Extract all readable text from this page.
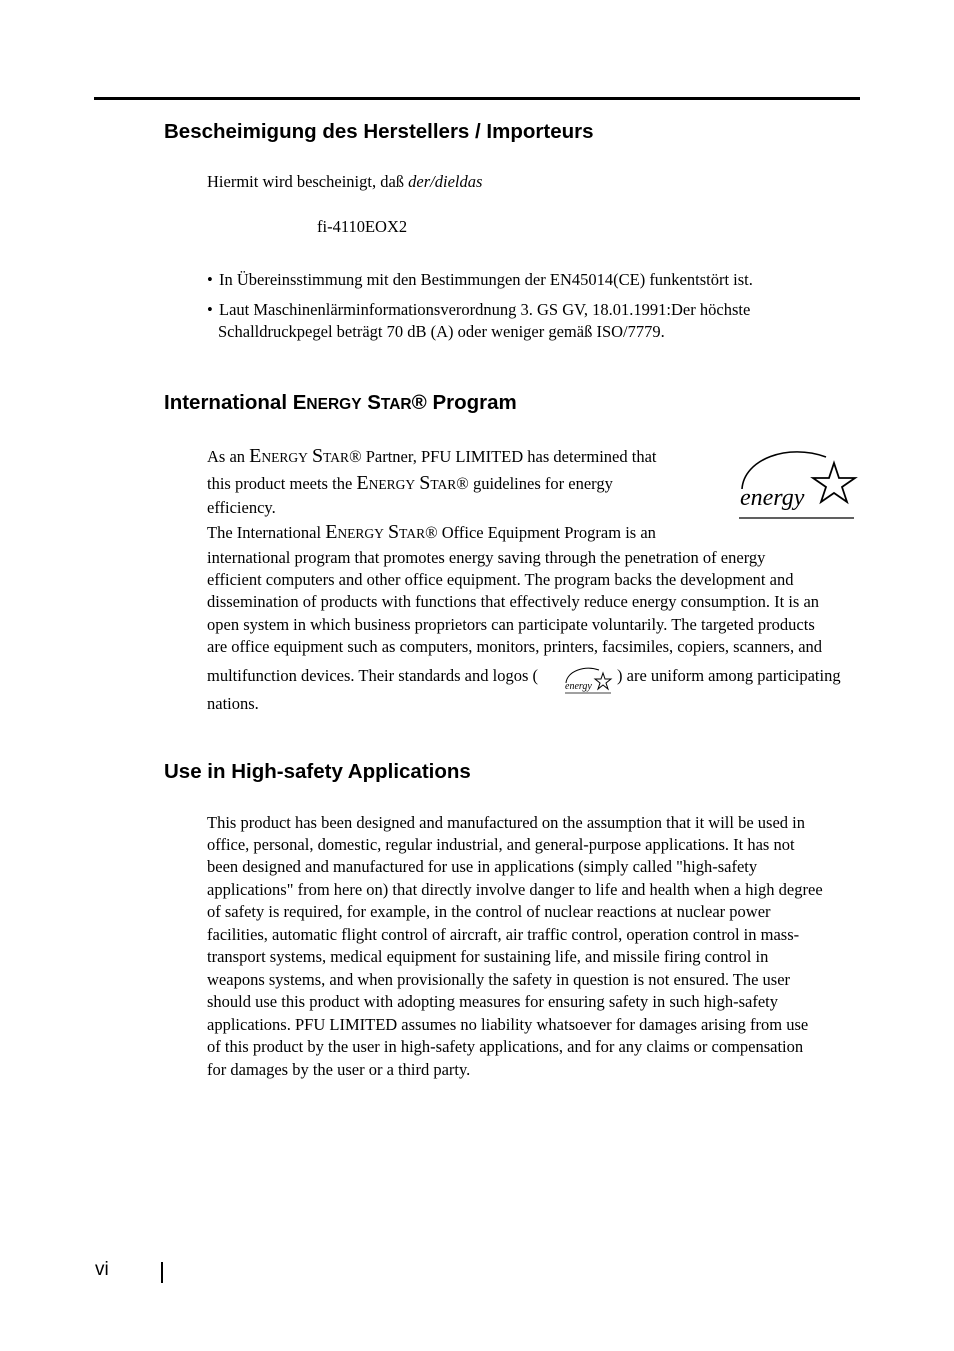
Bescheimigung des Herstellers / Importeurs

Hiermit wird bescheinigt, daß der/dieldas

fi-4110EOX2

• In Übereinsstimmung mit den Bestimmungen der EN45014(CE) funkentstört ist.

• Laut Maschinenlärminformationsverordnung 3. GS GV, 18.01.1991:Der höchste

Schalldruckpegel beträgt 70 dB (A) oder weniger gemäß ISO/7779.

International ENERGY STAR® Program

As an ENERGY STAR® Partner, PFU LIMITED has determined that

this product meets the ENERGY STAR® guidelines for energy

efficiency.

The International ENERGY STAR® Office Equipment Program is an

international program that promotes energy saving through the penetration of energy

efficient computers and other office equipment. The program backs the development and

dissemination of products with functions that effectively reduce energy consumption. It is an

open system in which business proprietors can participate voluntarily. The targeted products

are office equipment such as computers, monitors, printers, facsimiles, copiers, scanners, and

multifunction devices. Their standards and logos (	) are uniform among participating

nations.

energy
energy
Use in High-safety Applications

This product has been designed and manufactured on the assumption that it will be used in

office, personal, domestic, regular industrial, and general-purpose applications. It has not

been designed and manufactured for use in applications (simply called "high-safety

applications" from here on) that directly involve danger to life and health when a high degree

of safety is required, for example, in the control of nuclear reactions at nuclear power

facilities, automatic flight control of aircraft, air traffic control, operation control in mass-

transport systems, medical equipment for sustaining life, and missile firing control in

weapons systems, and when provisionally the safety in question is not ensured. The user

should use this product with adopting measures for ensuring safety in such high-safety

applications. PFU LIMITED assumes no liability whatsoever for damages arising from use

of this product by the user in high-safety applications, and for any claims or compensation

for damages by the user or a third party.

vi
